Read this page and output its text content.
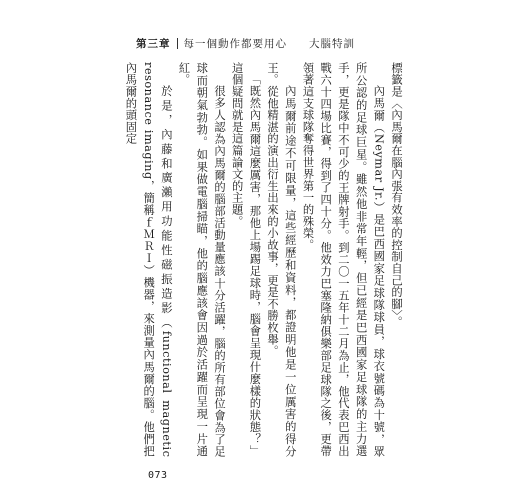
第三章 每一個動作都要用心 大腦特訓

標籤是〈內馬爾在腦內張有效率的控制自己的腳〉。

內馬爾（Neymar Jr.）是巴西國家足球隊球員，球衣號碼為十號，眾所公認的足球巨星。雖然他非常年輕，但已經是巴西國家足球隊的主力選手，更是隊中不可少的王牌射手。到二〇一五年十二月為止，他代表巴西出戰六十四場比賽，得到了四十分。他效力巴塞隆納俱樂部足球隊之後，更帶領著這支球隊奪得世界第一的殊榮。

內馬爾前途不可限量，這些經歷和資料，都證明他是一位厲害的得分王。從他精湛的演出衍生出來的小故事，更是不勝枚舉。

「既然內馬爾這麼厲害，那他上場踢足球時，腦會呈現什麼樣的狀態？」這個疑問就是這篇論文的主題。

很多人認為內馬爾的腦部活動量應該十分活躍，腦的所有部位會為了足球而朝氣勃勃。如果做電腦掃瞄，他的腦應該會因過於活躍而呈現一片通紅。

於是，內藤和廣瀨用功能性磁振造影（functional magnetic resonance imaging，簡稱ｆＭＲＩ）機器，來測量內馬爾的腦。他們把內馬爾的頭固定

073
